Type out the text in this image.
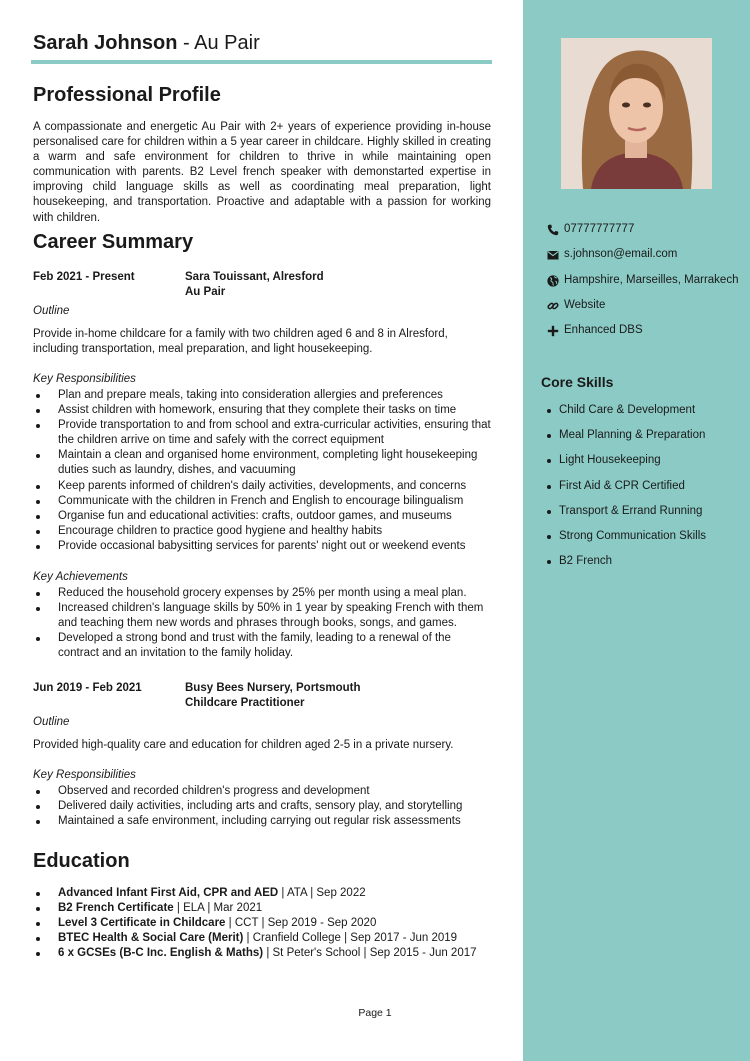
Sarah Johnson - Au Pair
Professional Profile
A compassionate and energetic Au Pair with 2+ years of experience providing in-house personalised care for children within a 5 year career in childcare. Highly skilled in creating a warm and safe environment for children to thrive in while maintaining open communication with parents. B2 Level french speaker with demonstarted expertise in improving child language skills as well as coordinating meal preparation, light housekeeping, and transportation. Proactive and adaptable with a passion for working with children.
Career Summary
Feb 2021 - Present	Sara Touissant, Alresford
Au Pair
Outline
Provide in-home childcare for a family with two children aged 6 and 8 in Alresford, including transportation, meal preparation, and light housekeeping.
Key Responsibilities
Plan and prepare meals, taking into consideration allergies and preferences
Assist children with homework, ensuring that they complete their tasks on time
Provide transportation to and from school and extra-curricular activities, ensuring that the children arrive on time and safely with the correct equipment
Maintain a clean and organised home environment, completing light housekeeping duties such as laundry, dishes, and vacuuming
Keep parents informed of children's daily activities, developments, and concerns
Communicate with the children in French and English to encourage bilingualism
Organise fun and educational activities: crafts, outdoor games, and museums
Encourage children to practice good hygiene and healthy habits
Provide occasional babysitting services for parents' night out or weekend events
Key Achievements
Reduced the household grocery expenses by 25% per month using a meal plan.
Increased children's language skills by 50% in 1 year by speaking French with them and teaching them new words and phrases through books, songs, and games.
Developed a strong bond and trust with the family, leading to a renewal of the contract and an invitation to the family holiday.
Jun 2019 - Feb 2021	Busy Bees Nursery, Portsmouth
Childcare Practitioner
Outline
Provided high-quality care and education for children aged 2-5 in a private nursery.
Key Responsibilities
Observed and recorded children's progress and development
Delivered daily activities, including arts and crafts, sensory play, and storytelling
Maintained a safe environment, including carrying out regular risk assessments
Education
Advanced Infant First Aid, CPR and AED | ATA | Sep 2022
B2 French Certificate | ELA | Mar 2021
Level 3 Certificate in Childcare | CCT | Sep 2019 - Sep 2020
BTEC Health & Social Care (Merit) | Cranfield College | Sep 2017 - Jun 2019
6 x GCSEs (B-C Inc. English & Maths) | St Peter's School | Sep 2015 - Jun 2017
07777777777
s.johnson@email.com
Hampshire, Marseilles, Marrakech
Website
Enhanced DBS
Core Skills
Child Care & Development
Meal Planning & Preparation
Light Housekeeping
First Aid & CPR Certified
Transport & Errand Running
Strong Communication Skills
B2 French
Page 1
